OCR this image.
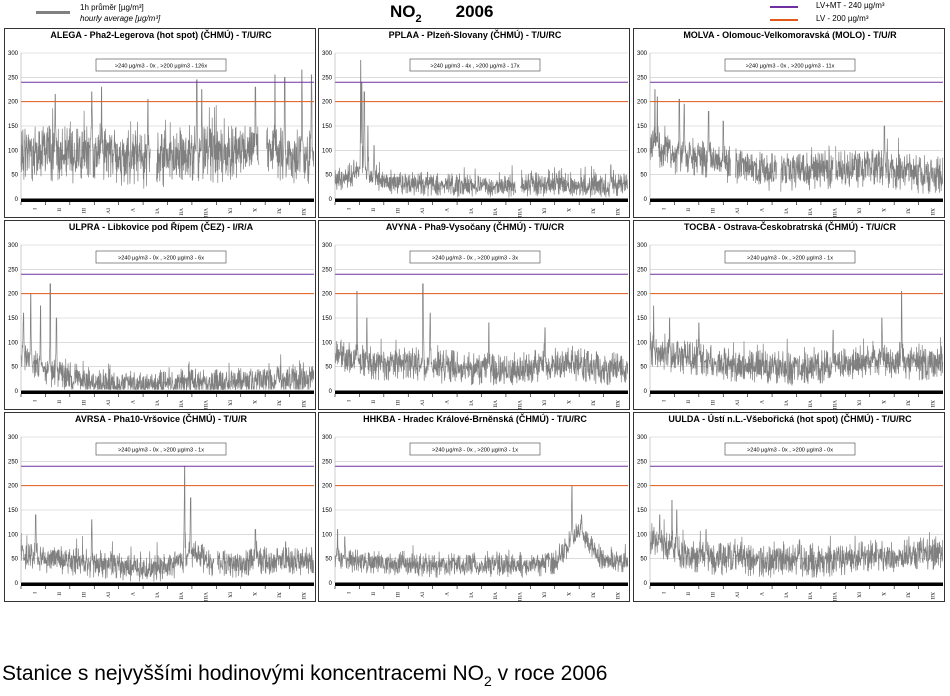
1h průměr [µg/m³]
hourly average [µg/m³]	$NO_2$ 2006	LV+MT - 240 µg/m³
LV - 200 µg/m³
ALEGA - Pha2-Legerova (hot spot) (ČHMÚ) - T/U/RC
0
50
100
150
200
250
300
>240 µg/m3 - 0x , >200 µg/m3 - 126x
I	II	III	IV	V	VI	VII	VIII	IX	X	XI	XII
PPLAA - Plzeň-Slovany (ČHMÚ) - T/U/RC
0
50
100
150
200
250
300
>240 µg/m3 - 4x , >200 µg/m3 - 17x
I	II	III	IV	V	VI	VII	VIII	IX	X	XI	XII
MOLVA - Olomouc-Velkomoravská (MOLO) - T/U/R
0
50
100
150
200
250
300
>240 µg/m3 - 0x , >200 µg/m3 - 11x
I	II	III	IV	V	VI	VII	VIII	IX	X	XI	XII
ULPRA - Libkovice pod Řípem (ČEZ) - I/R/A
0
50
100
150
200
250
300
>240 µg/m3 - 0x , >200 µg/m3 - 6x
I	II	III	IV	V	VI	VII	VIII	IX	X	XI	XII
AVYNA - Pha9-Vysočany (ČHMÚ) - T/U/CR
0
50
100
150
200
250
300
>240 µg/m3 - 0x , >200 µg/m3 - 3x
I	II	III	IV	V	VI	VII	VIII	IX	X	XI	XII
TOCBA - Ostrava-Českobratrská (ČHMÚ) - T/U/CR
0
50
100
150
200
250
300
>240 µg/m3 - 0x , >200 µg/m3 - 1x
I	II	III	IV	V	VI	VII	VIII	IX	X	XI	XII
AVRSA - Pha10-Vršovice (ČHMÚ) - T/U/R
0
50
100
150
200
250
300
>240 µg/m3 - 0x , >200 µg/m3 - 1x
I	II	III	IV	V	VI	VII	VIII	IX	X	XI	XII
HHKBA - Hradec Králové-Brněnská (ČHMÚ) - T/U/RC
0
50
100
150
200
250
300
>240 µg/m3 - 0x , >200 µg/m3 - 1x
I	II	III	IV	V	VI	VII	VIII	IX	X	XI	XII
UULDA - Ústí n.L.-Všebořická (hot spot) (ČHMÚ) - T/U/RC
0
50
100
150
200
250
300
>240 µg/m3 - 0x , >200 µg/m3 - 0x
I	II	III	IV	V	VI	VII	VIII	IX	X	XI	XII
Stanice s nejvyššími hodinovými koncentracemi $NO_2$ v roce 2006
